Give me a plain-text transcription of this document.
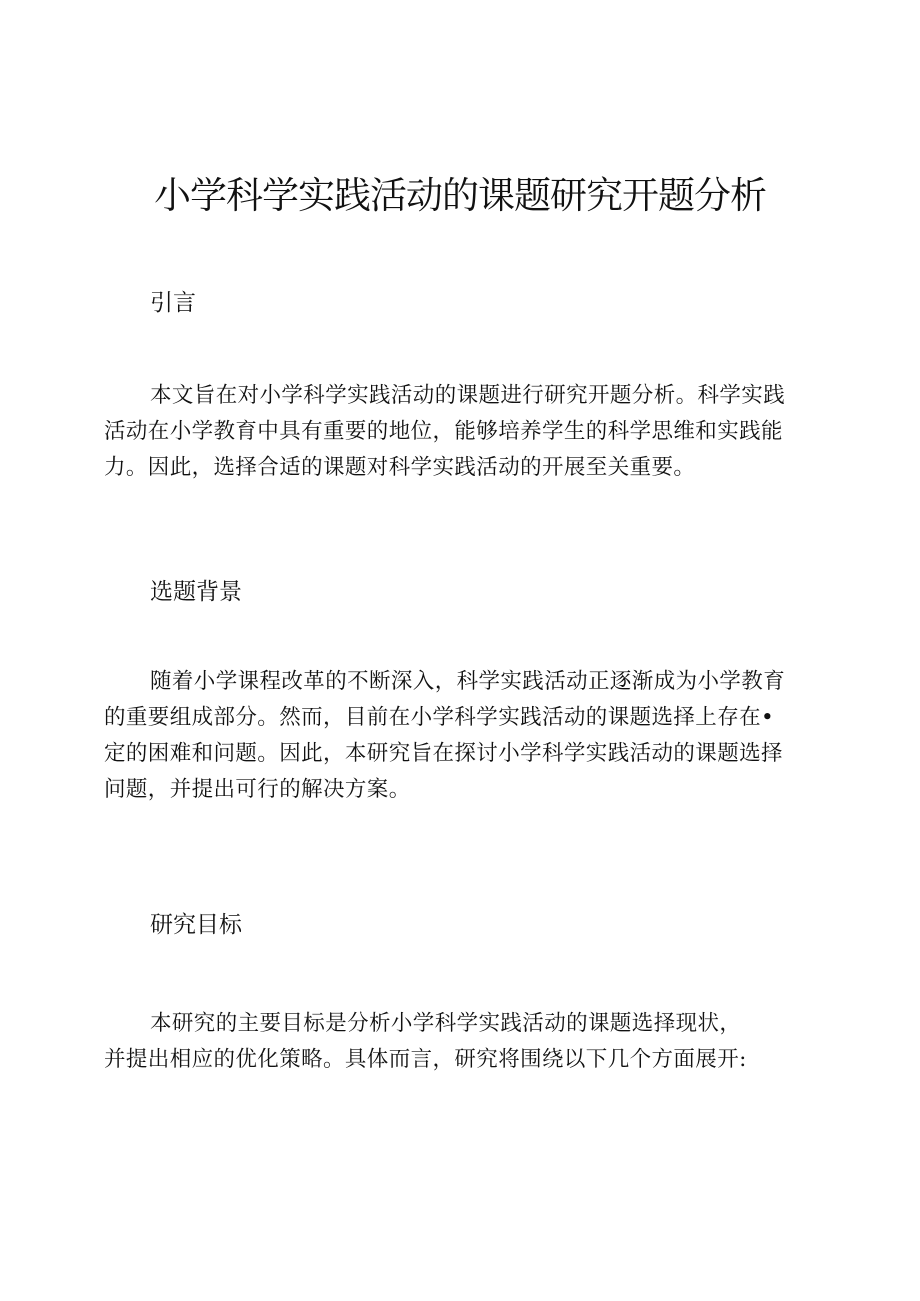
小学科学实践活动的课题研究开题分析
引言

本文旨在对小学科学实践活动的课题进行研究开题分析。科学实践
活动在小学教育中具有重要的地位，能够培养学生的科学思维和实践能
力。因此，选择合适的课题对科学实践活动的开展至关重要。

选题背景

随着小学课程改革的不断深入，科学实践活动正逐渐成为小学教育
的重要组成部分。然而，目前在小学科学实践活动的课题选择上存在•
定的困难和问题。因此，本研究旨在探讨小学科学实践活动的课题选择
问题，并提出可行的解决方案。

研究目标

本研究的主要目标是分析小学科学实践活动的课题选择现状，
并提出相应的优化策略。具体而言，研究将围绕以下几个方面展开:
